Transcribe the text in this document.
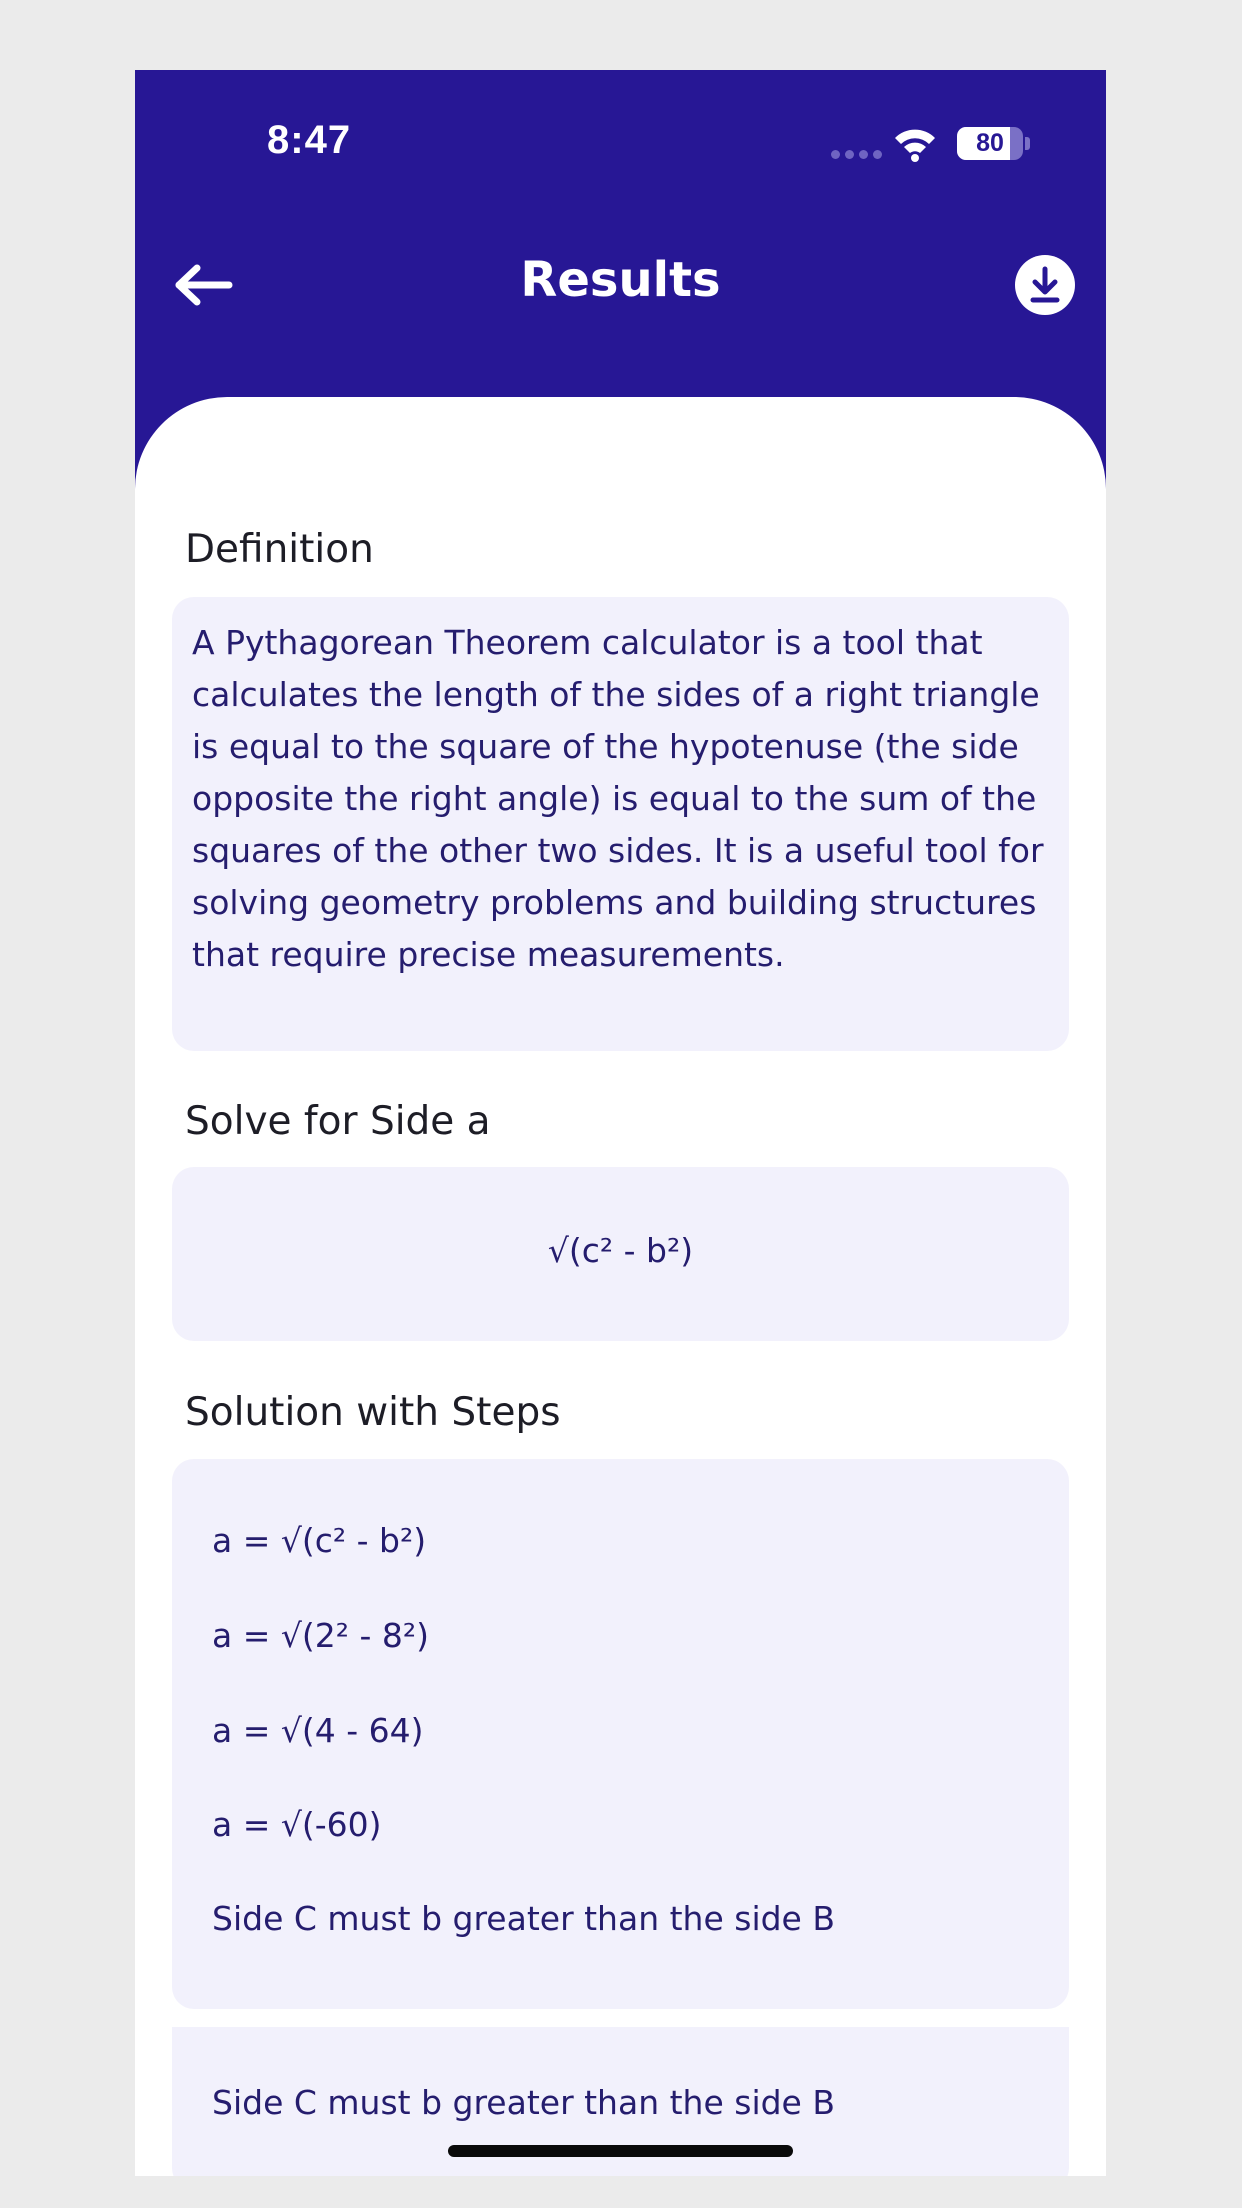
8:47	80
Results
Definition
A Pythagorean Theorem calculator is a tool that calculates the length of the sides of a right triangle is equal to the square of the hypotenuse (the side opposite the right angle) is equal to the sum of the squares of the other two sides. It is a useful tool for solving geometry problems and building structures that require precise measurements.
Solve for Side a
√(c² - b²)
Solution with Steps
a = √(c² - b²)
a = √(2² - 8²)
a = √(4 - 64)
a = √(-60)
Side C must b greater than the side B
Side C must b greater than the side B
